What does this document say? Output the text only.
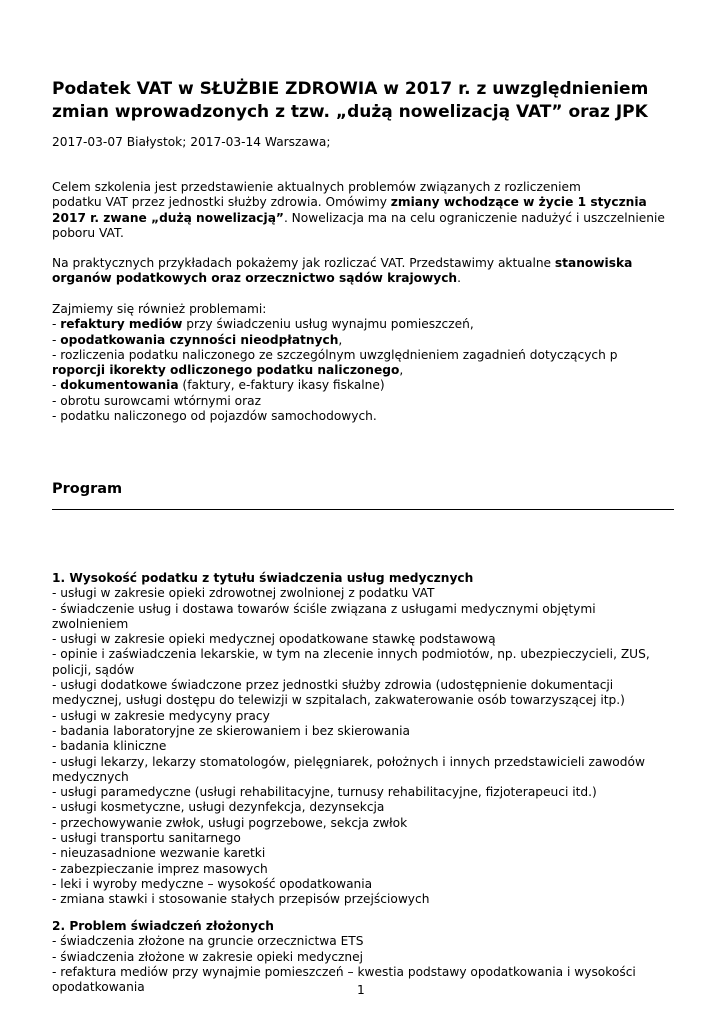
Podatek VAT w SŁUŻBIE ZDROWIA w 2017 r. z uwzględnieniem zmian wprowadzonych z tzw. „dużą nowelizacją VAT” oraz JPK

2017-03-07 Białystok; 2017-03-14 Warszawa;

Celem szkolenia jest przedstawienie aktualnych problemów związanych z rozliczeniem

podatku VAT przez jednostki służby zdrowia. Omówimy zmiany wchodzące w życie 1 stycznia

2017 r. zwane „dużą nowelizacją”. Nowelizacja ma na celu ograniczenie nadużyć i uszczelnienie

poboru VAT.

Na praktycznych przykładach pokażemy jak rozliczać VAT. Przedstawimy aktualne stanowiska

organów podatkowych oraz orzecznictwo sądów krajowych.

Zajmiemy się również problemami:

- refaktury mediów przy świadczeniu usług wynajmu pomieszczeń,

- opodatkowania czynności nieodpłatnych,

- rozliczenia podatku naliczonego ze szczególnym uwzględnieniem zagadnień dotyczących p

roporcji ikorekty odliczonego podatku naliczonego,

- dokumentowania (faktury, e-faktury ikasy fiskalne)

- obrotu surowcami wtórnymi oraz

- podatku naliczonego od pojazdów samochodowych.

Program

1. Wysokość podatku z tytułu świadczenia usług medycznych

- usługi w zakresie opieki zdrowotnej zwolnionej z podatku VAT

- świadczenie usług i dostawa towarów ściśle związana z usługami medycznymi objętymi

zwolnieniem

- usługi w zakresie opieki medycznej opodatkowane stawkę podstawową

- opinie i zaświadczenia lekarskie, w tym na zlecenie innych podmiotów, np. ubezpieczycieli, ZUS,

policji, sądów

- usługi dodatkowe świadczone przez jednostki służby zdrowia (udostępnienie dokumentacji

medycznej, usługi dostępu do telewizji w szpitalach, zakwaterowanie osób towarzyszącej itp.)

- usługi w zakresie medycyny pracy

- badania laboratoryjne ze skierowaniem i bez skierowania

- badania kliniczne

- usługi lekarzy, lekarzy stomatologów, pielęgniarek, położnych i innych przedstawicieli zawodów

medycznych

- usługi paramedyczne (usługi rehabilitacyjne, turnusy rehabilitacyjne, fizjoterapeuci itd.)

- usługi kosmetyczne, usługi dezynfekcja, dezynsekcja

- przechowywanie zwłok, usługi pogrzebowe, sekcja zwłok

- usługi transportu sanitarnego

- nieuzasadnione wezwanie karetki

- zabezpieczanie imprez masowych

- leki i wyroby medyczne – wysokość opodatkowania

- zmiana stawki i stosowanie stałych przepisów przejściowych

2. Problem świadczeń złożonych

- świadczenia złożone na gruncie orzecznictwa ETS

- świadczenia złożone w zakresie opieki medycznej

- refaktura mediów przy wynajmie pomieszczeń – kwestia podstawy opodatkowania i wysokości

opodatkowania	1
